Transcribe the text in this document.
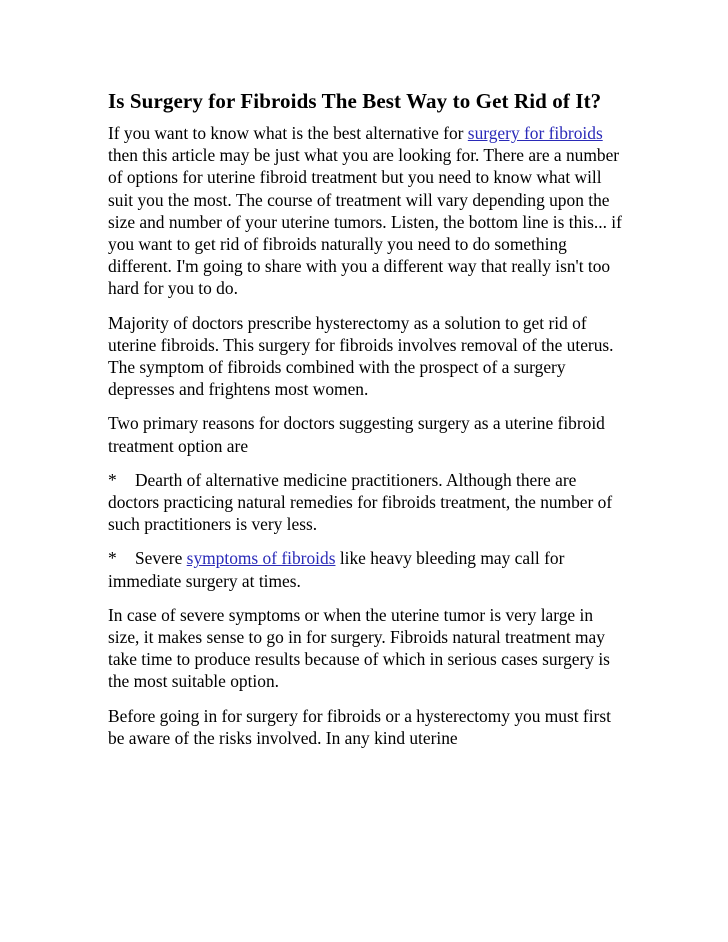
Is Surgery for Fibroids The Best Way to Get Rid of It?

If you want to know what is the best alternative for surgery for fibroids then this article may be just what you are looking for. There are a number of options for uterine fibroid treatment but you need to know what will suit you the most. The course of treatment will vary depending upon the size and number of your uterine tumors. Listen, the bottom line is this... if you want to get rid of fibroids naturally you need to do something different. I'm going to share with you a different way that really isn't too hard for you to do.

Majority of doctors prescribe hysterectomy as a solution to get rid of uterine fibroids. This surgery for fibroids involves removal of the uterus. The symptom of fibroids combined with the prospect of a surgery depresses and frightens most women.

Two primary reasons for doctors suggesting surgery as a uterine fibroid treatment option are

* Dearth of alternative medicine practitioners. Although there are doctors practicing natural remedies for fibroids treatment, the number of such practitioners is very less.

* Severe symptoms of fibroids like heavy bleeding may call for immediate surgery at times.

In case of severe symptoms or when the uterine tumor is very large in size, it makes sense to go in for surgery. Fibroids natural treatment may take time to produce results because of which in serious cases surgery is the most suitable option.

Before going in for surgery for fibroids or a hysterectomy you must first be aware of the risks involved. In any kind uterine
